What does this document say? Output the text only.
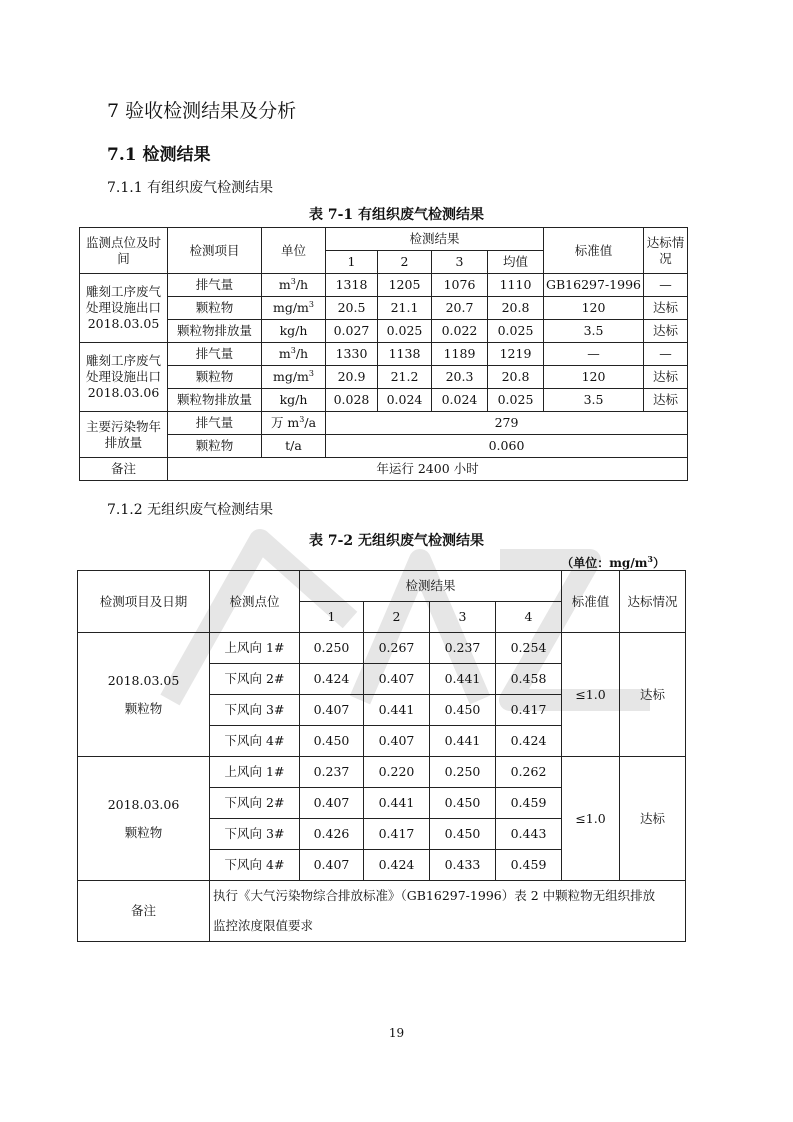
7 验收检测结果及分析
7.1 检测结果
7.1.1 有组织废气检测结果
表 7-1 有组织废气检测结果
监测点位及时间	检测项目	单位	检测结果				标准值	达标情况
			1	2	3	均值		
雕刻工序废气处理设施出口 2018.03.05	排气量	$m^3/h$	1318	1205	1076	1110	GB16297-1996	—
	颗粒物	$mg/m^3$	20.5	21.1	20.7	20.8	120	达标
	颗粒物排放量	kg/h	0.027	0.025	0.022	0.025	3.5	达标
雕刻工序废气处理设施出口 2018.03.06	排气量	$m^3/h$	1330	1138	1189	1219	—	—
	颗粒物	$mg/m^3$	20.9	21.2	20.3	20.8	120	达标
	颗粒物排放量	kg/h	0.028	0.024	0.024	0.025	3.5	达标
主要污染物年排放量	排气量	万 $m^3/a$	279					
	颗粒物	t/a	0.060					
备注	年运行 2400 小时							
7.1.2 无组织废气检测结果
表 7-2 无组织废气检测结果
（单位：$mg/m^3$）
检测项目及日期	检测点位	检测结果				标准值	达标情况
		1	2	3	4		

2018.03.05
颗粒物	上风向 1#	0.250	0.267	0.237	0.254	≤1.0	达标
	下风向 2#	0.424	0.407	0.441	0.458		
	下风向 3#	0.407	0.441	0.450	0.417		
	下风向 4#	0.450	0.407	0.441	0.424		

2018.03.06
颗粒物	上风向 1#	0.237	0.220	0.250	0.262	≤1.0	达标
	下风向 2#	0.407	0.441	0.450	0.459		
	下风向 3#	0.426	0.417	0.450	0.443		
	下风向 4#	0.407	0.424	0.433	0.459		
备注	执行《大气污染物综合排放标准》（GB16297-1996）表 2 中颗粒物无组织排放
监控浓度限值要求						
19
